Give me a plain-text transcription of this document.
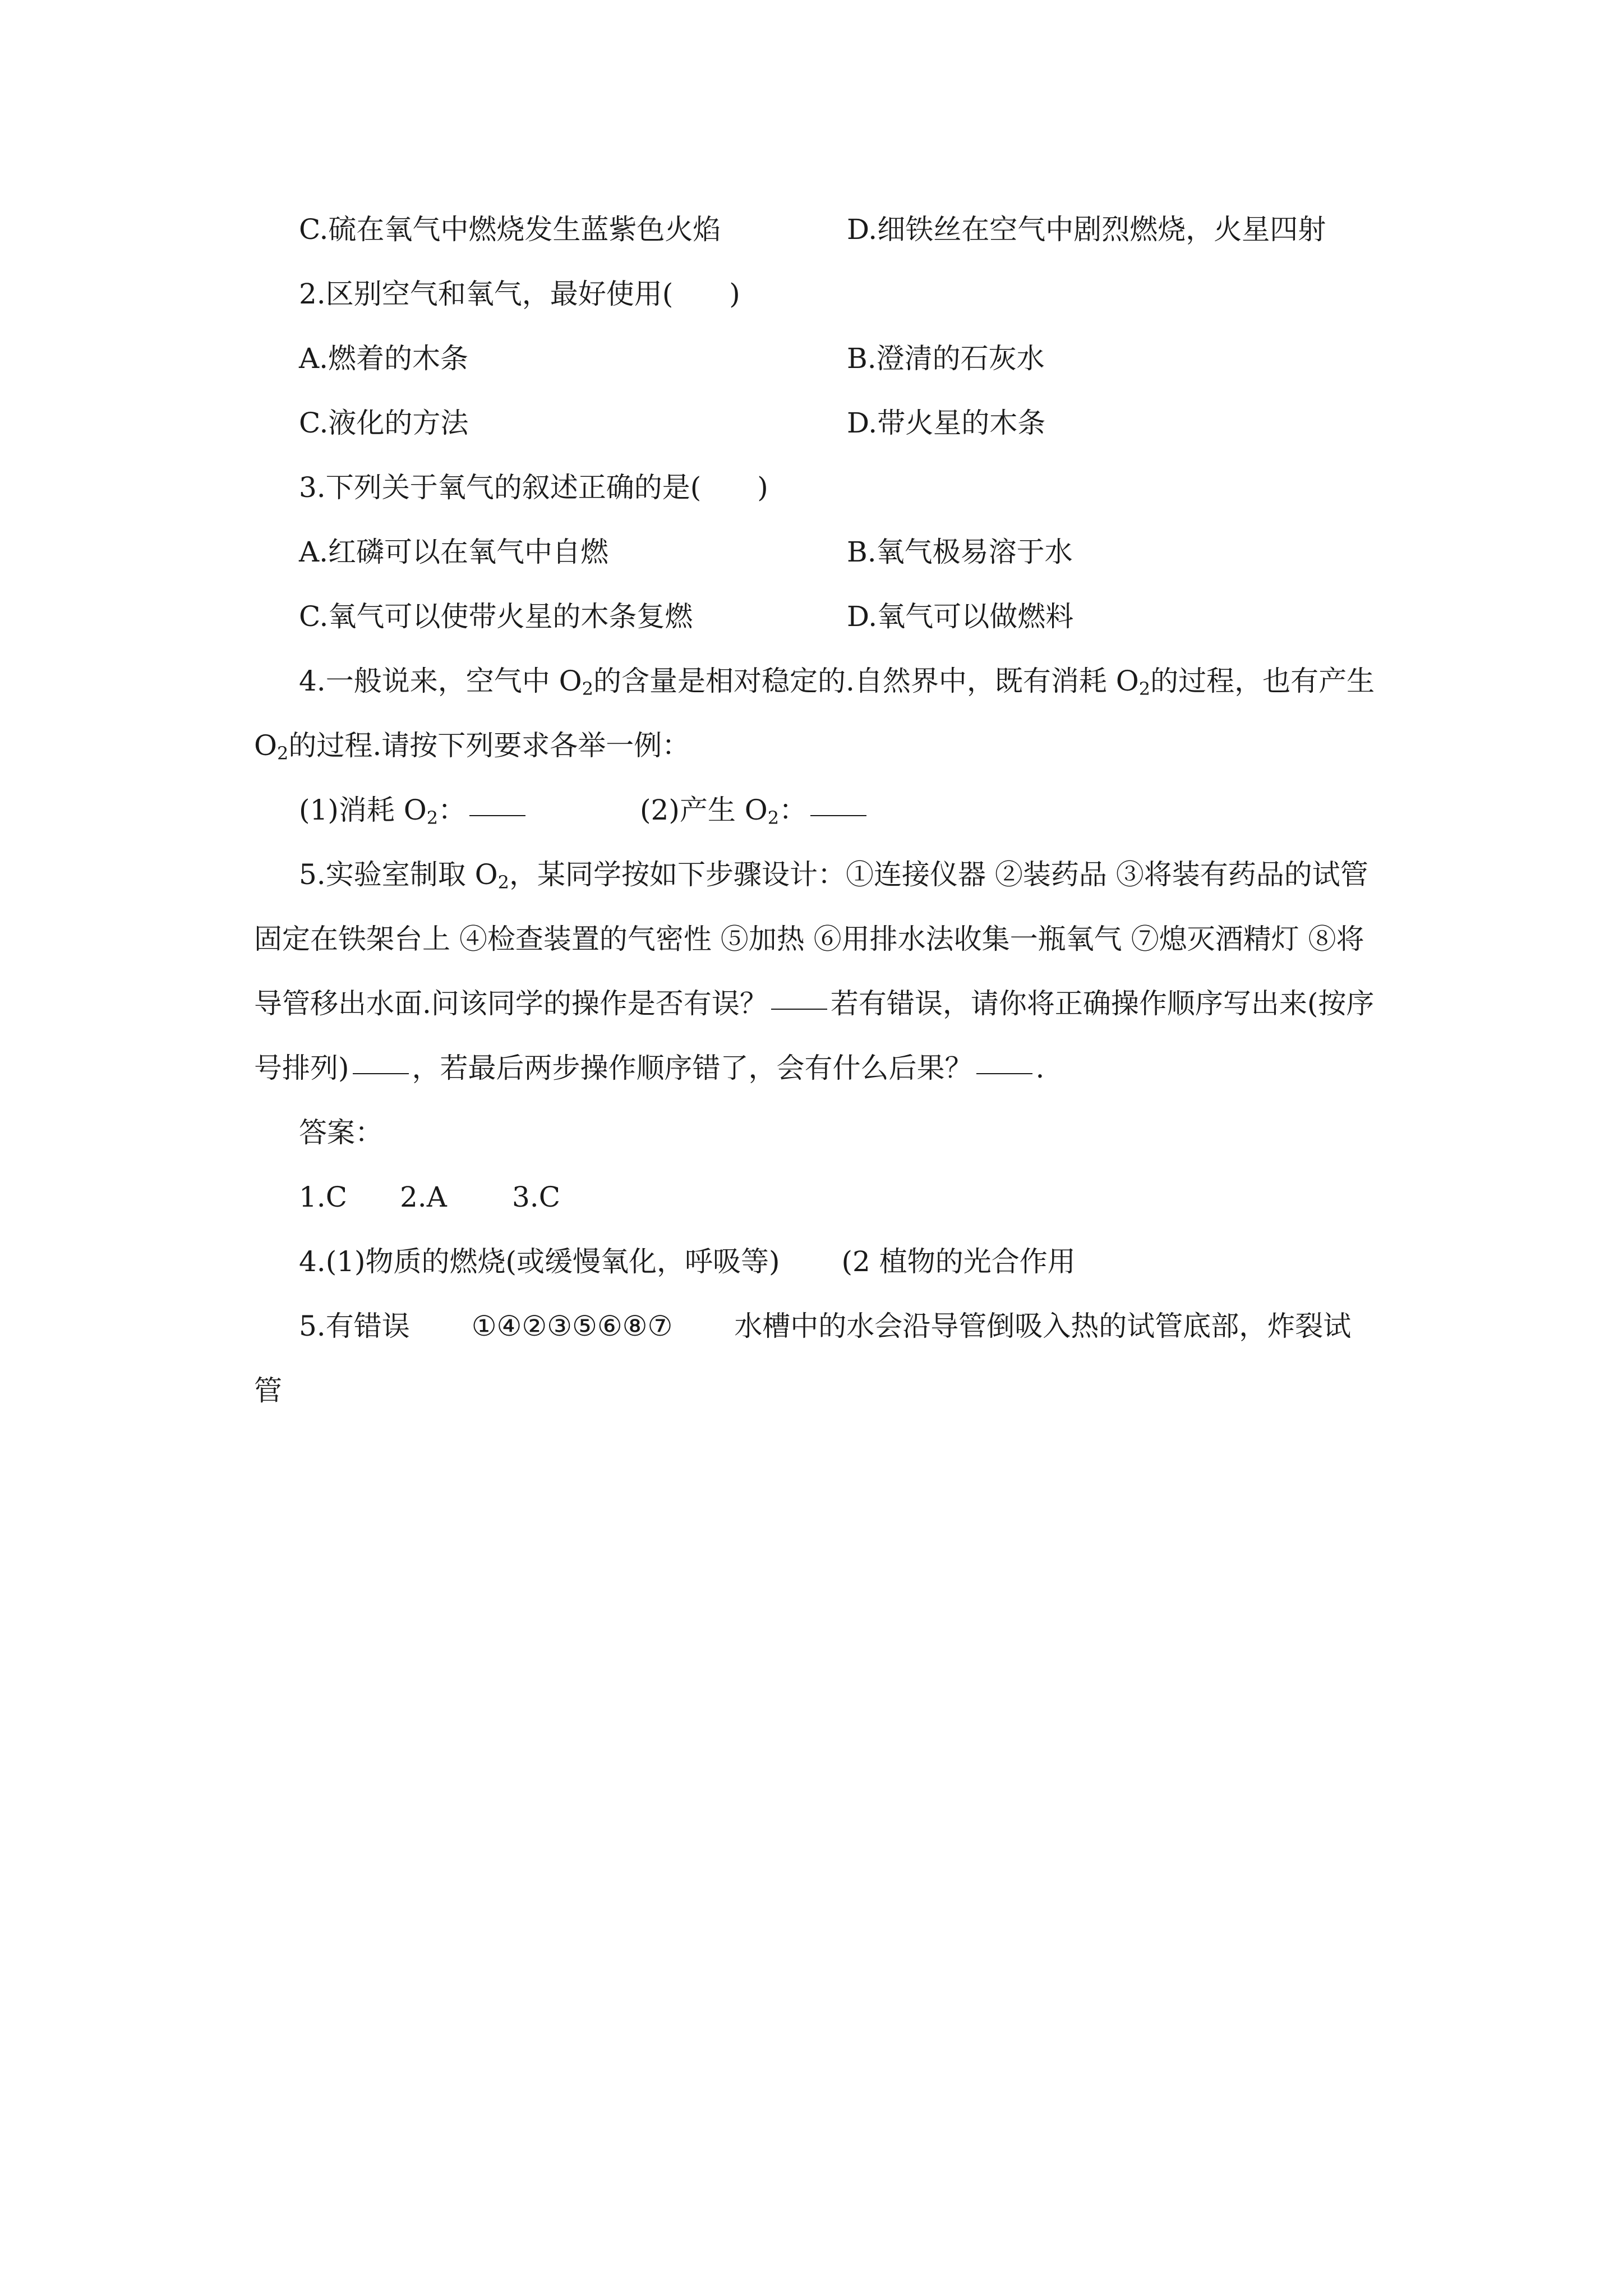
C.硫在氧气中燃烧发生蓝紫色火焰	D.细铁丝在空气中剧烈燃烧，火星四射
2.区别空气和氧气，最好使用(　　)
A.燃着的木条	B.澄清的石灰水
C.液化的方法	D.带火星的木条
3.下列关于氧气的叙述正确的是(　　)
A.红磷可以在氧气中自燃	B.氧气极易溶于水
C.氧气可以使带火星的木条复燃	D.氧气可以做燃料
4.一般说来，空气中 $O_2$的含量是相对稳定的.自然界中，既有消耗 $O_2$的过程，也有产生
$O_2$的过程.请按下列要求各举一例：
(1)消耗 $O_2$：	(2)产生 $O_2$：
5.实验室制取 $O_2$，某同学按如下步骤设计：①连接仪器 ②装药品 ③将装有药品的试管
固定在铁架台上 ④检查装置的气密性 ⑤加热 ⑥用排水法收集一瓶氧气 ⑦熄灭酒精灯 ⑧将
导管移出水面.问该同学的操作是否有误？ 若有错误，请你将正确操作顺序写出来(按序
号排列) ，若最后两步操作顺序错了，会有什么后果？ .
答案：
1.C 2.A 3.C
4.(1)物质的燃烧(或缓慢氧化，呼吸等) (2 植物的光合作用
5.有错误 ①④②③⑤⑥⑧⑦ 水槽中的水会沿导管倒吸入热的试管底部，炸裂试
管
